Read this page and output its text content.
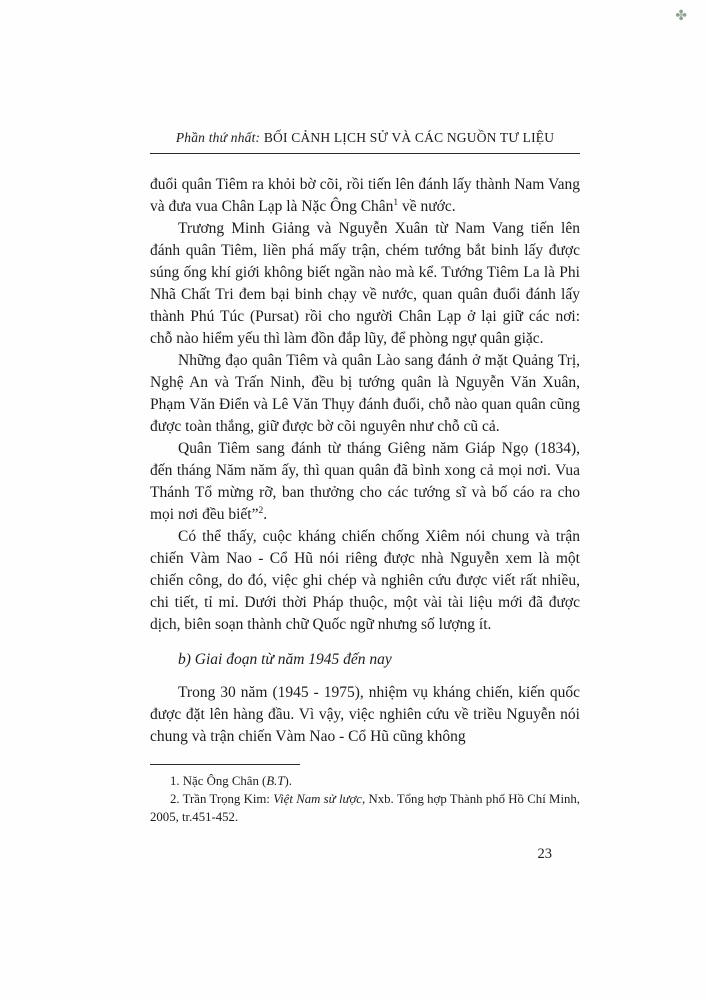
✤
Phần thứ nhất: BỐI CẢNH LỊCH SỬ VÀ CÁC NGUỒN TƯ LIỆU

đuổi quân Tiêm ra khỏi bờ cõi, rồi tiến lên đánh lấy thành Nam Vang và đưa vua Chân Lạp là Nặc Ông Chân$^1$ về nước.

Trương Minh Giảng và Nguyễn Xuân từ Nam Vang tiến lên đánh quân Tiêm, liền phá mấy trận, chém tướng bắt binh lấy được súng ống khí giới không biết ngần nào mà kể. Tướng Tiêm La là Phi Nhã Chất Tri đem bại binh chạy về nước, quan quân đuổi đánh lấy thành Phú Túc (Pursat) rồi cho người Chân Lạp ở lại giữ các nơi: chỗ nào hiểm yếu thì làm đồn đắp lũy, để phòng ngự quân giặc.

Những đạo quân Tiêm và quân Lào sang đánh ở mặt Quảng Trị, Nghệ An và Trấn Ninh, đều bị tướng quân là Nguyễn Văn Xuân, Phạm Văn Điển và Lê Văn Thụy đánh đuổi, chỗ nào quan quân cũng được toàn thắng, giữ được bờ cõi nguyên như chỗ cũ cả.

Quân Tiêm sang đánh từ tháng Giêng năm Giáp Ngọ (1834), đến tháng Năm năm ấy, thì quan quân đã bình xong cả mọi nơi. Vua Thánh Tổ mừng rỡ, ban thưởng cho các tướng sĩ và bố cáo ra cho mọi nơi đều biết”$^2$.

Có thể thấy, cuộc kháng chiến chống Xiêm nói chung và trận chiến Vàm Nao - Cổ Hũ nói riêng được nhà Nguyễn xem là một chiến công, do đó, việc ghi chép và nghiên cứu được viết rất nhiều, chi tiết, tỉ mỉ. Dưới thời Pháp thuộc, một vài tài liệu mới đã được dịch, biên soạn thành chữ Quốc ngữ nhưng số lượng ít.

b) Giai đoạn từ năm 1945 đến nay

Trong 30 năm (1945 - 1975), nhiệm vụ kháng chiến, kiến quốc được đặt lên hàng đầu. Vì vậy, việc nghiên cứu về triều Nguyễn nói chung và trận chiến Vàm Nao - Cổ Hũ cũng không

1. Nặc Ông Chân (B.T).

2. Trần Trọng Kim: Việt Nam sử lược, Nxb. Tổng hợp Thành phố Hồ Chí Minh, 2005, tr.451-452.

23
